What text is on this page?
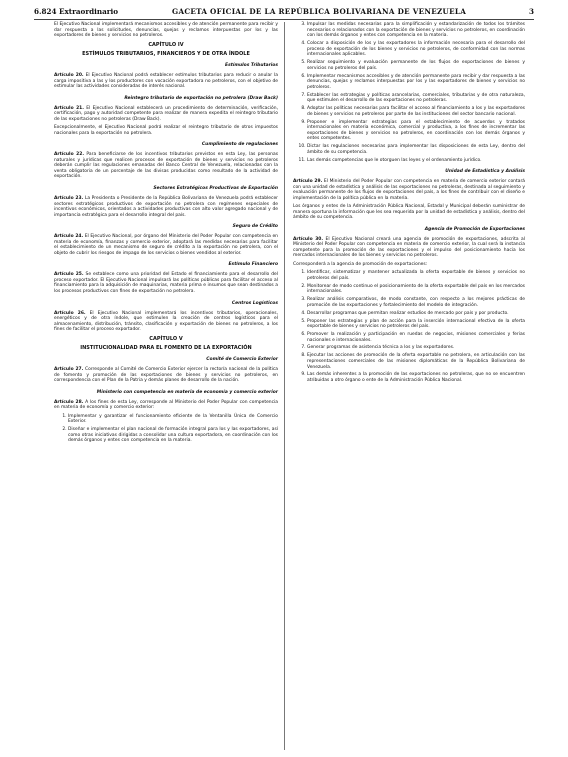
6.824 Extraordinario	GACETA OFICIAL DE LA REPÚBLICA BOLIVARIANA DE VENEZUELA	3

El Ejecutivo Nacional implementará mecanismos accesibles y de atención permanente para recibir y dar respuesta a las solicitudes, denuncias, quejas y reclamos interpuestas por los y las exportadores de bienes y servicios no petroleros.

CAPÍTULO IV
ESTÍMULOS TRIBUTARIOS, FINANCIEROS Y DE OTRA ÍNDOLE
Estímulos Tributarios

Artículo 20. El Ejecutivo Nacional podrá establecer estímulos tributarios para reducir o anular la carga impositiva a las y los productores con vocación exportadora no petroleros, con el objetivo de estimular las actividades consideradas de interés nacional.

Reintegro tributario de exportación no petrolera (Draw Back)

Artículo 21. El Ejecutivo Nacional establecerá un procedimiento de determinación, verificación, certificación, pago y autoridad competente para realizar de manera expedita el reintegro tributario de las exportaciones no petroleras (Draw Back).

Excepcionalmente, el Ejecutivo Nacional podrá realizar el reintegro tributario de otros impuestos nacionales para la exportación no petrolera.

Cumplimiento de regulaciones

Artículo 22. Para beneficiarse de los incentivos tributarios previstos en esta Ley, las personas naturales y jurídicas que realicen procesos de exportación de bienes y servicios no petroleros deberán cumplir las regulaciones emanadas del Banco Central de Venezuela, relacionadas con la venta obligatoria de un porcentaje de las divisas producidas como resultado de la actividad de exportación.

Sectores Estratégicos Productivos de Exportación

Artículo 23. La Presidenta o Presidente de la República Bolivariana de Venezuela podrá establecer sectores estratégicos productivos de exportación no petrolera con regímenes especiales de incentivos económicos, orientados a actividades productivas con alto valor agregado nacional y de importancia estratégica para el desarrollo integral del país.

Seguro de Crédito

Artículo 24. El Ejecutivo Nacional, por órgano del Ministerio del Poder Popular con competencia en materia de economía, finanzas y comercio exterior, adoptará las medidas necesarias para facilitar el establecimiento de un mecanismo de seguro de crédito a la exportación no petrolera, con el objeto de cubrir los riesgos de impago de los servicios o bienes vendidos al exterior.

Estímulo Financiero

Artículo 25. Se establece como una prioridad del Estado el financiamiento para el desarrollo del proceso exportador. El Ejecutivo Nacional impulsará las políticas públicas para facilitar el acceso al financiamiento para la adquisición de maquinarias, materia prima e insumos que sean destinados a los procesos productivos con fines de exportación no petrolera.

Centros Logísticos

Artículo 26. El Ejecutivo Nacional implementará los incentivos tributarios, operacionales, energéticos y de otra índole, que estimulen la creación de centros logísticos para el almacenamiento, distribución, tránsito, clasificación y exportación de bienes no petroleros, a los fines de facilitar el proceso exportador.

CAPÍTULO V
INSTITUCIONALIDAD PARA EL FOMENTO DE LA EXPORTACIÓN
Comité de Comercio Exterior

Artículo 27. Corresponde al Comité de Comercio Exterior ejercer la rectoría nacional de la política de fomento y promoción de las exportaciones de bienes y servicios no petroleros, en correspondencia con el Plan de la Patria y demás planes de desarrollo de la nación.

Ministerio con competencia en materia de economía y comercio exterior

Artículo 28. A los fines de esta Ley, corresponde al Ministerio del Poder Popular con competencia en materia de economía y comercio exterior:

1. Implementar y garantizar el funcionamiento eficiente de la Ventanilla Única de Comercio Exterior.
2. Diseñar e implementar el plan nacional de formación integral para los y las exportadores, así como otras iniciativas dirigidas a consolidar una cultura exportadora, en coordinación con los demás órganos y entes con competencia en la materia.
3. Impulsar las medidas necesarias para la simplificación y estandarización de todos los trámites necesarios o relacionados con la exportación de bienes y servicios no petroleros, en coordinación con los demás órganos y entes con competencia en la materia.
4. Colocar a disposición de los y las exportadores la información necesaria para el desarrollo del proceso de exportación de los bienes y servicios no petroleros, de conformidad con las normas internacionales aplicables.
5. Realizar seguimiento y evaluación permanente de los flujos de exportaciones de bienes y servicios no petroleros del país.
6. Implementar mecanismos accesibles y de atención permanente para recibir y dar respuesta a las denuncias, quejas y reclamos interpuestas por los y las exportadores de bienes y servicios no petroleros.
7. Establecer las estrategias y políticas arancelarias, comerciales, tributarias y de otra naturaleza, que estimulen el desarrollo de las exportaciones no petroleras.
8. Adoptar las políticas necesarias para facilitar el acceso al financiamiento a los y las exportadores de bienes y servicios no petroleros por parte de las instituciones del sector bancario nacional.
9. Proponer e implementar estrategias para el establecimiento de acuerdos y tratados internacionales en materia económica, comercial y productiva, a los fines de incrementar las exportaciones de bienes y servicios no petroleros, en coordinación con los demás órganos y entes competentes.
10. Dictar las regulaciones necesarias para implementar las disposiciones de esta Ley, dentro del ámbito de su competencia.
11. Las demás competencias que le otorguen las leyes y el ordenamiento jurídico.
Unidad de Estadística y Análisis

Artículo 29. El Ministerio del Poder Popular con competencia en materia de comercio exterior contará con una unidad de estadística y análisis de las exportaciones no petroleras, destinada al seguimiento y evaluación permanente de los flujos de exportaciones del país, a los fines de contribuir con el diseño e implementación de la política pública en la materia.

Los órganos y entes de la Administración Pública Nacional, Estadal y Municipal deberán suministrar de manera oportuna la información que les sea requerida por la unidad de estadística y análisis, dentro del ámbito de su competencia.

Agencia de Promoción de Exportaciones

Artículo 30. El Ejecutivo Nacional creará una agencia de promoción de exportaciones, adscrita al Ministerio del Poder Popular con competencia en materia de comercio exterior, la cual será la instancia competente para la promoción de las exportaciones y el impulso del posicionamiento hacia los mercados internacionales de los bienes y servicios no petroleros.

Corresponderá a la agencia de promoción de exportaciones:

1. Identificar, sistematizar y mantener actualizada la oferta exportable de bienes y servicios no petroleros del país.
2. Monitorear de modo continuo el posicionamiento de la oferta exportable del país en los mercados internacionales.
3. Realizar análisis comparativos, de modo constante, con respecto a los mejores prácticas de promoción de las exportaciones y fortalecimiento del modelo de integración.
4. Desarrollar programas que permitan realizar estudios de mercado por país y por producto.
5. Proponer las estrategias y plan de acción para la inserción internacional efectiva de la oferta exportable de bienes y servicios no petroleros del país.
6. Promover la realización y participación en ruedas de negocios, misiones comerciales y ferias nacionales e internacionales.
7. Generar programas de asistencia técnica a los y las exportadores.
8. Ejecutar las acciones de promoción de la oferta exportable no petrolera, en articulación con las representaciones comerciales de las misiones diplomáticas de la República Bolivariana de Venezuela.
9. Las demás inherentes a la promoción de las exportaciones no petroleras, que no se encuentren atribuidas a otro órgano o ente de la Administración Pública Nacional.
